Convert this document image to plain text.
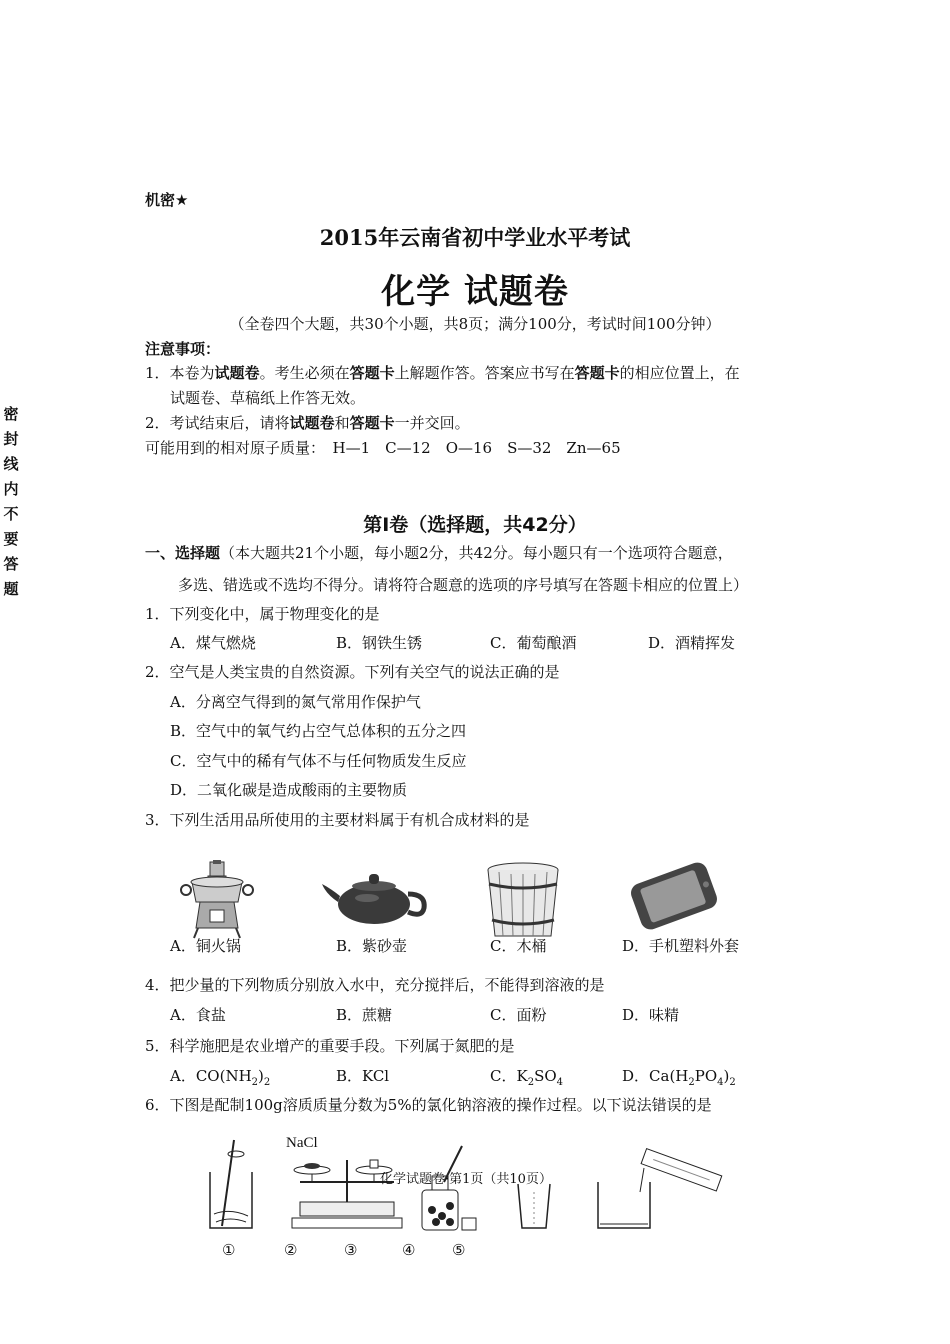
密
封
线
内
不
要
答
题
机密★
2015年云南省初中学业水平考试
化学 试题卷
（全卷四个大题，共30个小题，共8页；满分100分，考试时间100分钟）
注意事项：
1．本卷为试题卷。考生必须在答题卡上解题作答。答案应书写在答题卡的相应位置上，在
试题卷、草稿纸上作答无效。
2．考试结束后，请将试题卷和答题卡一并交回。
可能用到的相对原子质量：　H—1　C—12　O—16　S—32　Zn—65
第Ⅰ卷（选择题，共42分）
一、选择题（本大题共21个小题，每小题2分，共42分。每小题只有一个选项符合题意，
多选、错选或不选均不得分。请将符合题意的选项的序号填写在答题卡相应的位置上）
1．下列变化中，属于物理变化的是
A．煤气燃烧	B．钢铁生锈	C．葡萄酿酒	D．酒精挥发
2．空气是人类宝贵的自然资源。下列有关空气的说法正确的是
A．分离空气得到的氮气常用作保护气
B．空气中的氧气约占空气总体积的五分之四
C．空气中的稀有气体不与任何物质发生反应
D．二氧化碳是造成酸雨的主要物质
3．下列生活用品所使用的主要材料属于有机合成材料的是
A．铜火锅	B．紫砂壶	C．木桶	D．手机塑料外套
4．把少量的下列物质分别放入水中，充分搅拌后，不能得到溶液的是
A．食盐	B．蔗糖	C．面粉	D．味精
5．科学施肥是农业增产的重要手段。下列属于氮肥的是
A．$CO(NH_2)_2$	B．KCl	C．$K_2SO_4$	D．$Ca(H_2PO_4)_2$
6．下图是配制100g溶质质量分数为5%的氯化钠溶液的操作过程。以下说法错误的是
NaCl
①	②	③	④ ⑤
化学试题卷·第1页（共10页）
